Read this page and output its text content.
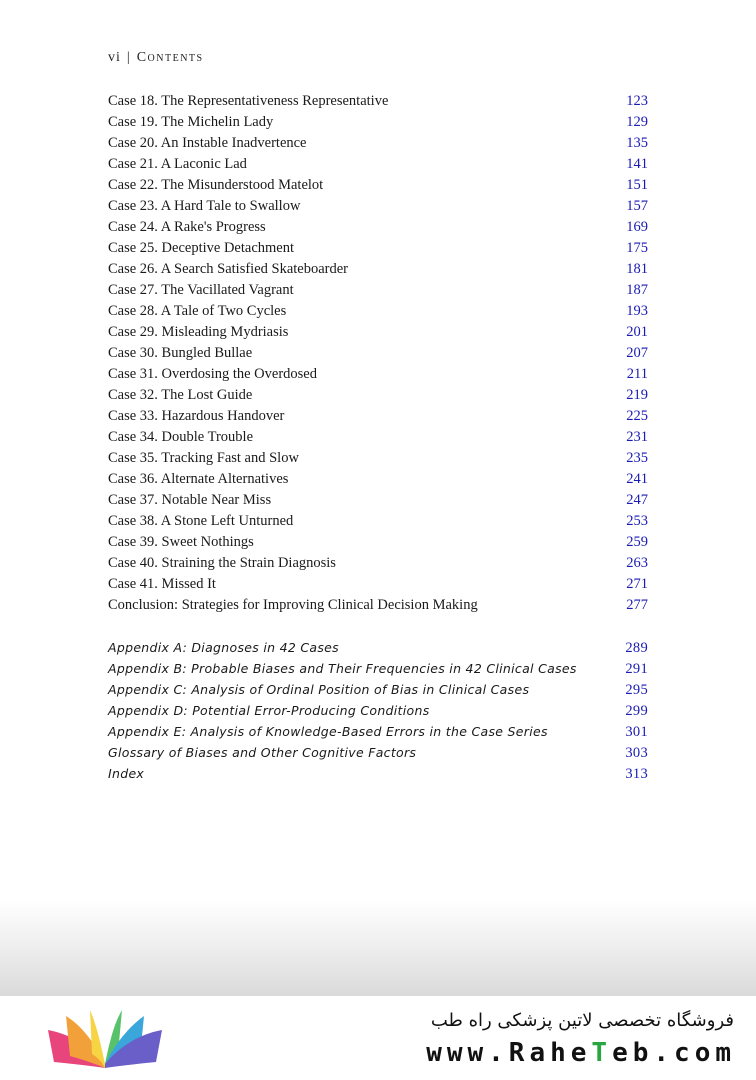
vi | Contents
Case 18. The Representativeness Representative	123
Case 19. The Michelin Lady	129
Case 20. An Instable Inadvertence	135
Case 21. A Laconic Lad	141
Case 22. The Misunderstood Matelot	151
Case 23. A Hard Tale to Swallow	157
Case 24. A Rake's Progress	169
Case 25. Deceptive Detachment	175
Case 26. A Search Satisfied Skateboarder	181
Case 27. The Vacillated Vagrant	187
Case 28. A Tale of Two Cycles	193
Case 29. Misleading Mydriasis	201
Case 30. Bungled Bullae	207
Case 31. Overdosing the Overdosed	211
Case 32. The Lost Guide	219
Case 33. Hazardous Handover	225
Case 34. Double Trouble	231
Case 35. Tracking Fast and Slow	235
Case 36. Alternate Alternatives	241
Case 37. Notable Near Miss	247
Case 38. A Stone Left Unturned	253
Case 39. Sweet Nothings	259
Case 40. Straining the Strain Diagnosis	263
Case 41. Missed It	271
Conclusion: Strategies for Improving Clinical Decision Making	277
Appendix A: Diagnoses in 42 Cases	289
Appendix B: Probable Biases and Their Frequencies in 42 Clinical Cases	291
Appendix C: Analysis of Ordinal Position of Bias in Clinical Cases	295
Appendix D: Potential Error-Producing Conditions	299
Appendix E: Analysis of Knowledge-Based Errors in the Case Series	301
Glossary of Biases and Other Cognitive Factors	303
Index	313
فروشگاه تخصصی لاتین پزشکی راه طب
www.RaheTeb.com
